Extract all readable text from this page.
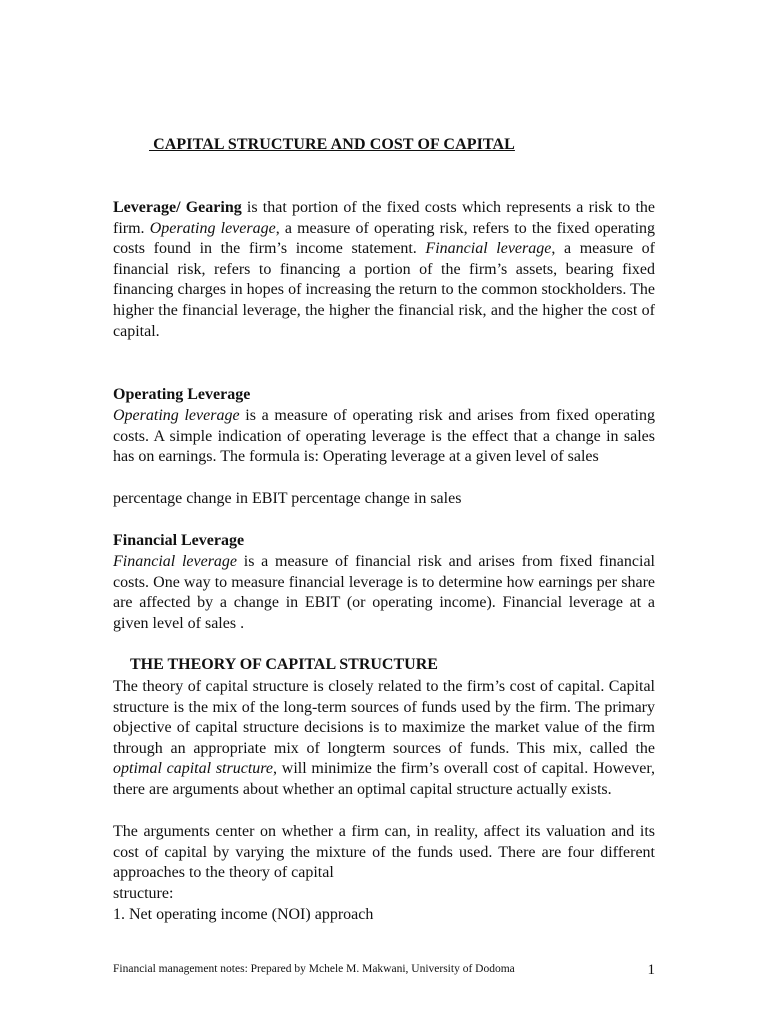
CAPITAL STRUCTURE AND COST OF CAPITAL

Leverage/ Gearing is that portion of the fixed costs which represents a risk to the firm. Operating leverage, a measure of operating risk, refers to the fixed operating costs found in the firm’s income statement. Financial leverage, a measure of financial risk, refers to financing a portion of the firm’s assets, bearing fixed financing charges in hopes of increasing the return to the common stockholders. The higher the financial leverage, the higher the financial risk, and the higher the cost of capital.

Operating Leverage

Operating leverage is a measure of operating risk and arises from fixed operating costs. A simple indication of operating leverage is the effect that a change in sales has on earnings. The formula is: Operating leverage at a given level of sales

percentage change in EBIT percentage change in sales
Financial Leverage

Financial leverage is a measure of financial risk and arises from fixed financial costs. One way to measure financial leverage is to determine how earnings per share are affected by a change in EBIT (or operating income). Financial leverage at a given level of sales .

THE THEORY OF CAPITAL STRUCTURE

The theory of capital structure is closely related to the firm’s cost of capital. Capital structure is the mix of the long-term sources of funds used by the firm. The primary objective of capital structure decisions is to maximize the market value of the firm through an appropriate mix of longterm sources of funds. This mix, called the optimal capital structure, will minimize the firm’s overall cost of capital. However, there are arguments about whether an optimal capital structure actually exists.

The arguments center on whether a firm can, in reality, affect its valuation and its cost of capital by varying the mixture of the funds used. There are four different approaches to the theory of capital

structure:
1. Net operating income (NOI) approach
Financial management notes: Prepared by Mchele M. Makwani, University of Dodoma	1
